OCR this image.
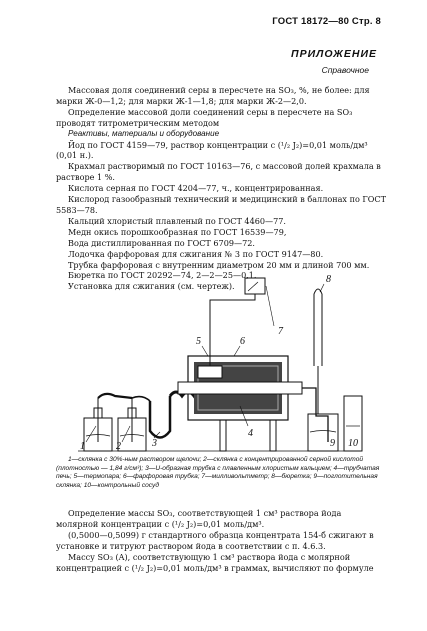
ГОСТ 18172—80 Стр. 8
ПРИЛОЖЕНИЕ
Справочное

Массовая доля соединений серы в пересчете на SO₃, %, не более: для марки Ж-0—1,2; для марки Ж-1—1,8; для марки Ж-2—2,0.

Определение массовой доли соединений серы в пересчете на SO₃ проводят титрометрическим методом

Реактивы, материалы и оборудование

Йод по ГОСТ 4159—79, раствор концентрации с (¹/₂ J₂)=0,01 моль/дм³ (0,01 н.).

Крахмал растворимый по ГОСТ 10163—76, с массовой долей крахмала в растворе 1 %.

Кислота серная по ГОСТ 4204—77, ч., концентрированная.

Кислород газообразный технический и медицинский в баллонах по ГОСТ 5583—78.

Кальций хлористый плавленый по ГОСТ 4460—77.

Медн окись порошкообразная по ГОСТ 16539—79,

Вода дистиллированная по ГОСТ 6709—72.

Лодочка фарфоровая для сжигания № 3 по ГОСТ 9147—80.

Трубка фарфоровая с внутренним диаметром 20 мм и длиной 700 мм.

Бюретка по ГОСТ 20292—74, 2—2—25—0,1.

Установка для сжигания (см. чертеж).

1	2	3
4
5	6
7
8
9 10
1—склянка с 30%-ным раствором щелочи; 2—склянка с концентрированной серной кислотой (плотностью — 1,84 г/см³); 3—U-образная трубка с плавленным хлористым кальцием; 4—трубчатая печь; 5—термопара; 6—фарфоровая трубка; 7—милливольтметр; 8—бюретка; 9—поглотительная склянка; 10—контрольный сосуд

Определение массы SO₃, соответствующей 1 см³ раствора йода молярной концентрации с (¹/₂ J₂)=0,01 моль/дм³.

(0,5000—0,5099) г стандартного образца концентрата 154-б сжигают в установке и титруют раствором йода в соответствии с п. 4.6.3.

Массу SO₃ (A), соответствующую 1 см³ раствора йода с молярной концентрацией с (¹/₂ J₂)=0,01 моль/дм³ в граммах, вычисляют по формуле
